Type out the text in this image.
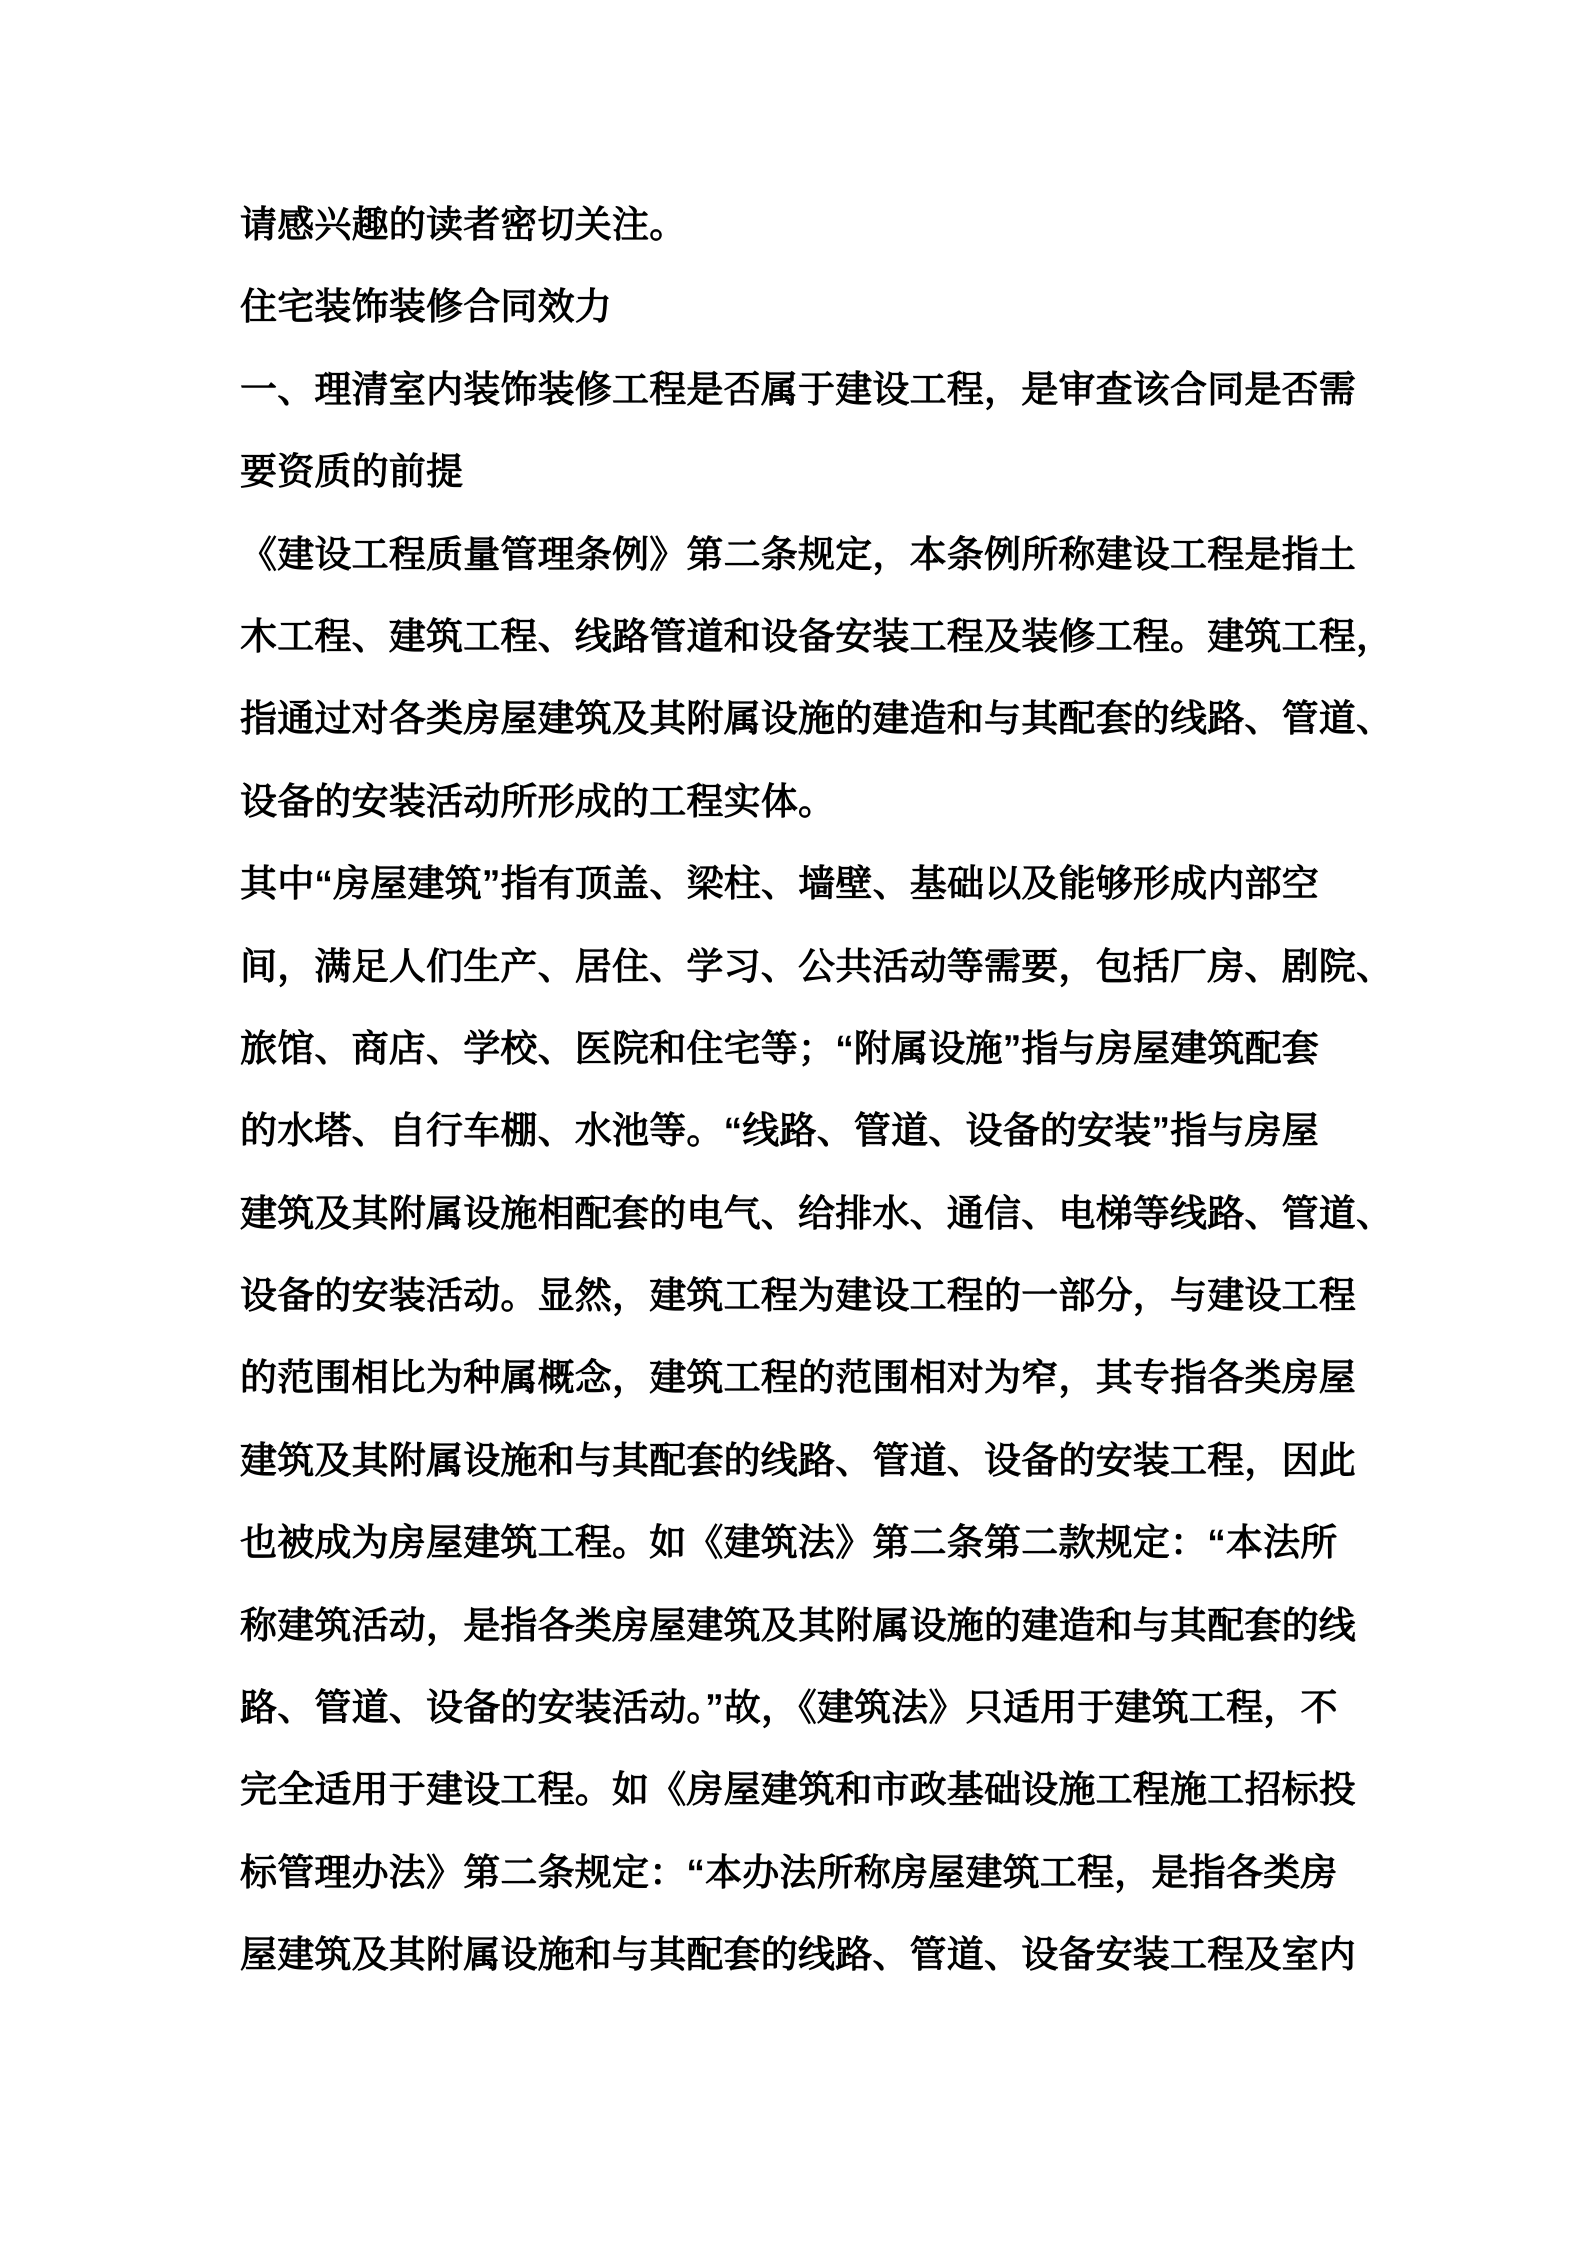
请感兴趣的读者密切关注。
住宅装饰装修合同效力
一、理清室内装饰装修工程是否属于建设工程，是审查该合同是否需
要资质的前提
《建设工程质量管理条例》第二条规定，本条例所称建设工程是指土
木工程、建筑工程、线路管道和设备安装工程及装修工程。建筑工程，
指通过对各类房屋建筑及其附属设施的建造和与其配套的线路、管道、
设备的安装活动所形成的工程实体。
其中“房屋建筑”指有顶盖、梁柱、墙壁、基础以及能够形成内部空
间，满足人们生产、居住、学习、公共活动等需要，包括厂房、剧院、
旅馆、商店、学校、医院和住宅等；“附属设施”指与房屋建筑配套
的水塔、自行车棚、水池等。“线路、管道、设备的安装”指与房屋
建筑及其附属设施相配套的电气、给排水、通信、电梯等线路、管道、
设备的安装活动。显然，建筑工程为建设工程的一部分，与建设工程
的范围相比为种属概念，建筑工程的范围相对为窄，其专指各类房屋
建筑及其附属设施和与其配套的线路、管道、设备的安装工程，因此
也被成为房屋建筑工程。如《建筑法》第二条第二款规定：“本法所
称建筑活动，是指各类房屋建筑及其附属设施的建造和与其配套的线
路、管道、设备的安装活动。”故，《建筑法》只适用于建筑工程，不
完全适用于建设工程。如《房屋建筑和市政基础设施工程施工招标投
标管理办法》第二条规定：“本办法所称房屋建筑工程，是指各类房
屋建筑及其附属设施和与其配套的线路、管道、设备安装工程及室内
